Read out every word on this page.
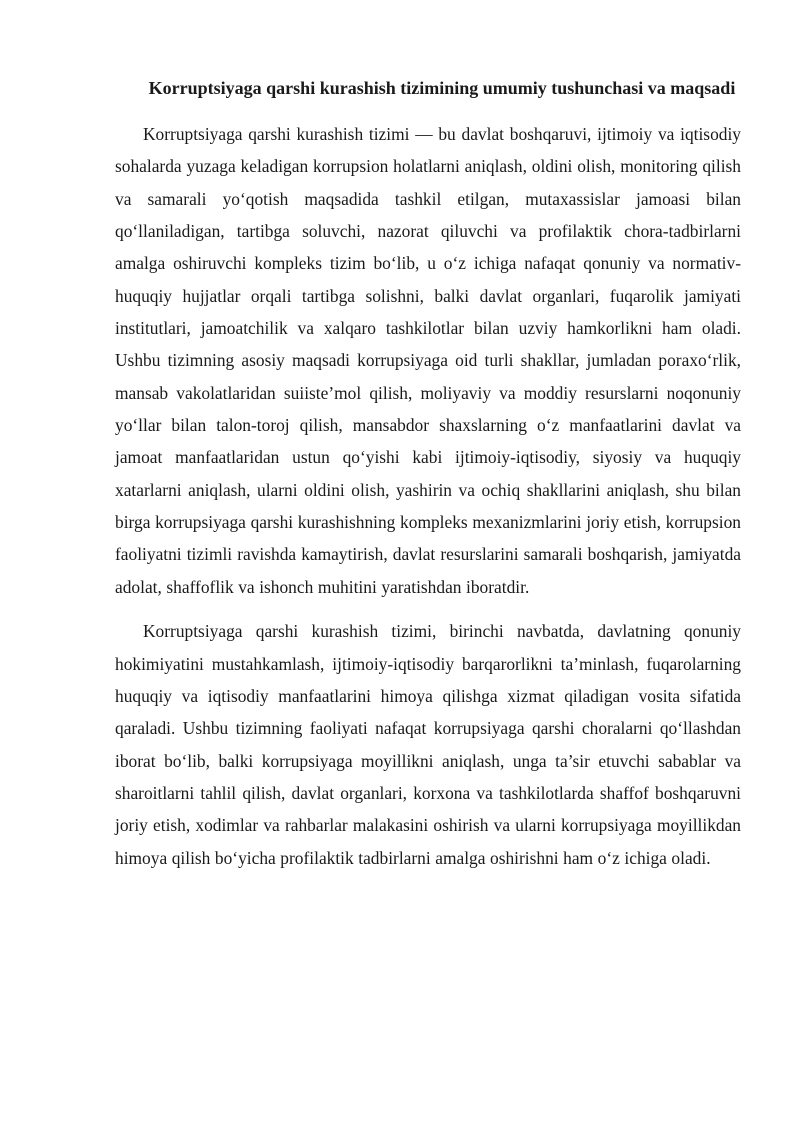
Korruptsiyaga qarshi kurashish tizimining umumiy tushunchasi va maqsadi

Korruptsiyaga qarshi kurashish tizimi — bu davlat boshqaruvi, ijtimoiy va iqtisodiy sohalarda yuzaga keladigan korrupsion holatlarni aniqlash, oldini olish, monitoring qilish va samarali yo‘qotish maqsadida tashkil etilgan, mutaxassislar jamoasi bilan qo‘llaniladigan, tartibga soluvchi, nazorat qiluvchi va profilaktik chora-tadbirlarni amalga oshiruvchi kompleks tizim bo‘lib, u o‘z ichiga nafaqat qonuniy va normativ-huquqiy hujjatlar orqali tartibga solishni, balki davlat organlari, fuqarolik jamiyati institutlari, jamoatchilik va xalqaro tashkilotlar bilan uzviy hamkorlikni ham oladi. Ushbu tizimning asosiy maqsadi korrupsiyaga oid turli shakllar, jumladan poraxo‘rlik, mansab vakolatlaridan suiiste’mol qilish, moliyaviy va moddiy resurslarni noqonuniy yo‘llar bilan talon-toroj qilish, mansabdor shaxslarning o‘z manfaatlarini davlat va jamoat manfaatlaridan ustun qo‘yishi kabi ijtimoiy-iqtisodiy, siyosiy va huquqiy xatarlarni aniqlash, ularni oldini olish, yashirin va ochiq shakllarini aniqlash, shu bilan birga korrupsiyaga qarshi kurashishning kompleks mexanizmlarini joriy etish, korrupsion faoliyatni tizimli ravishda kamaytirish, davlat resurslarini samarali boshqarish, jamiyatda adolat, shaffoflik va ishonch muhitini yaratishdan iboratdir.

Korruptsiyaga qarshi kurashish tizimi, birinchi navbatda, davlatning qonuniy hokimiyatini mustahkamlash, ijtimoiy-iqtisodiy barqarorlikni ta’minlash, fuqarolarning huquqiy va iqtisodiy manfaatlarini himoya qilishga xizmat qiladigan vosita sifatida qaraladi. Ushbu tizimning faoliyati nafaqat korrupsiyaga qarshi choralarni qo‘llashdan iborat bo‘lib, balki korrupsiyaga moyillikni aniqlash, unga ta’sir etuvchi sabablar va sharoitlarni tahlil qilish, davlat organlari, korxona va tashkilotlarda shaffof boshqaruvni joriy etish, xodimlar va rahbarlar malakasini oshirish va ularni korrupsiyaga moyillikdan himoya qilish bo‘yicha profilaktik tadbirlarni amalga oshirishni ham o‘z ichiga oladi.
